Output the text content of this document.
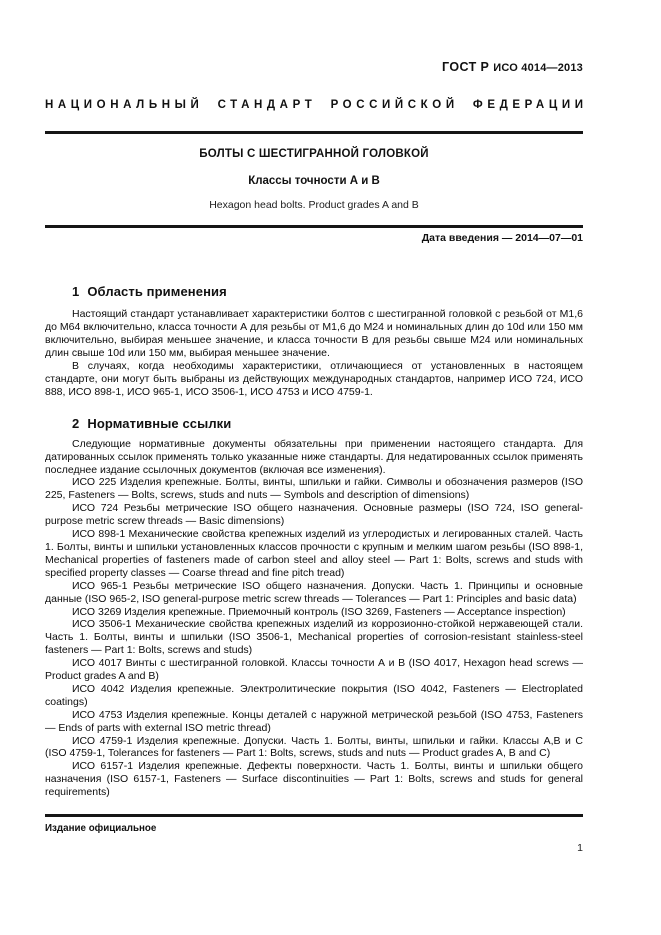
ГОСТ Р ИСО 4014—2013
НАЦИОНАЛЬНЫЙ СТАНДАРТ РОССИЙСКОЙ ФЕДЕРАЦИИ
БОЛТЫ С ШЕСТИГРАННОЙ ГОЛОВКОЙ
Классы точности А и В
Hexagon head bolts. Product grades A and B
Дата введения — 2014—07—01
1 Область применения

Настоящий стандарт устанавливает характеристики болтов с шестигранной головкой с резьбой от М1,6 до М64 включительно, класса точности А для резьбы от М1,6 до М24 и номинальных длин до 10d или 150 мм включительно, выбирая меньшее значение, и класса точности В для резьбы свыше М24 или номинальных длин свыше 10d или 150 мм, выбирая меньшее значение.

В случаях, когда необходимы характеристики, отличающиеся от установленных в настоящем стандарте, они могут быть выбраны из действующих международных стандартов, например ИСО 724, ИСО 888, ИСО 898-1, ИСО 965-1, ИСО 3506-1, ИСО 4753 и ИСО 4759-1.

2 Нормативные ссылки

Следующие нормативные документы обязательны при применении настоящего стандарта. Для датированных ссылок применять только указанные ниже стандарты. Для недатированных ссылок применять последнее издание ссылочных документов (включая все изменения).

ИСО 225 Изделия крепежные. Болты, винты, шпильки и гайки. Символы и обозначения размеров (ISO 225, Fasteners — Bolts, screws, studs and nuts — Symbols and description of dimensions)

ИСО 724 Резьбы метрические ISO общего назначения. Основные размеры (ISO 724, ISO general-purpose metric screw threads — Basic dimensions)

ИСО 898-1 Механические свойства крепежных изделий из углеродистых и легированных сталей. Часть 1. Болты, винты и шпильки установленных классов прочности с крупным и мелким шагом резьбы (ISO 898-1, Mechanical properties of fasteners made of carbon steel and alloy steel — Part 1: Bolts, screws and studs with specified property classes — Coarse thread and fine pitch tread)

ИСО 965-1 Резьбы метрические ISO общего назначения. Допуски. Часть 1. Принципы и основные данные (ISO 965-2, ISO general-purpose metric screw threads — Tolerances — Part 1: Principles and basic data)

ИСО 3269 Изделия крепежные. Приемочный контроль (ISO 3269, Fasteners — Acceptance inspection)

ИСО 3506-1 Механические свойства крепежных изделий из коррозионно-стойкой нержавеющей стали. Часть 1. Болты, винты и шпильки (ISO 3506-1, Mechanical properties of corrosion-resistant stainless-steel fasteners — Part 1: Bolts, screws and studs)

ИСО 4017 Винты с шестигранной головкой. Классы точности А и В (ISO 4017, Hexagon head screws — Product grades A and B)

ИСО 4042 Изделия крепежные. Электролитические покрытия (ISO 4042, Fasteners — Electroplated coatings)

ИСО 4753 Изделия крепежные. Концы деталей с наружной метрической резьбой (ISO 4753, Fasteners — Ends of parts with external ISO metric thread)

ИСО 4759-1 Изделия крепежные. Допуски. Часть 1. Болты, винты, шпильки и гайки. Классы А,В и С (ISO 4759-1, Tolerances for fasteners — Part 1: Bolts, screws, studs and nuts — Product grades A, B and C)

ИСО 6157-1 Изделия крепежные. Дефекты поверхности. Часть 1. Болты, винты и шпильки общего назначения (ISO 6157-1, Fasteners — Surface discontinuities — Part 1: Bolts, screws and studs for general requirements)

Издание официальное
1
